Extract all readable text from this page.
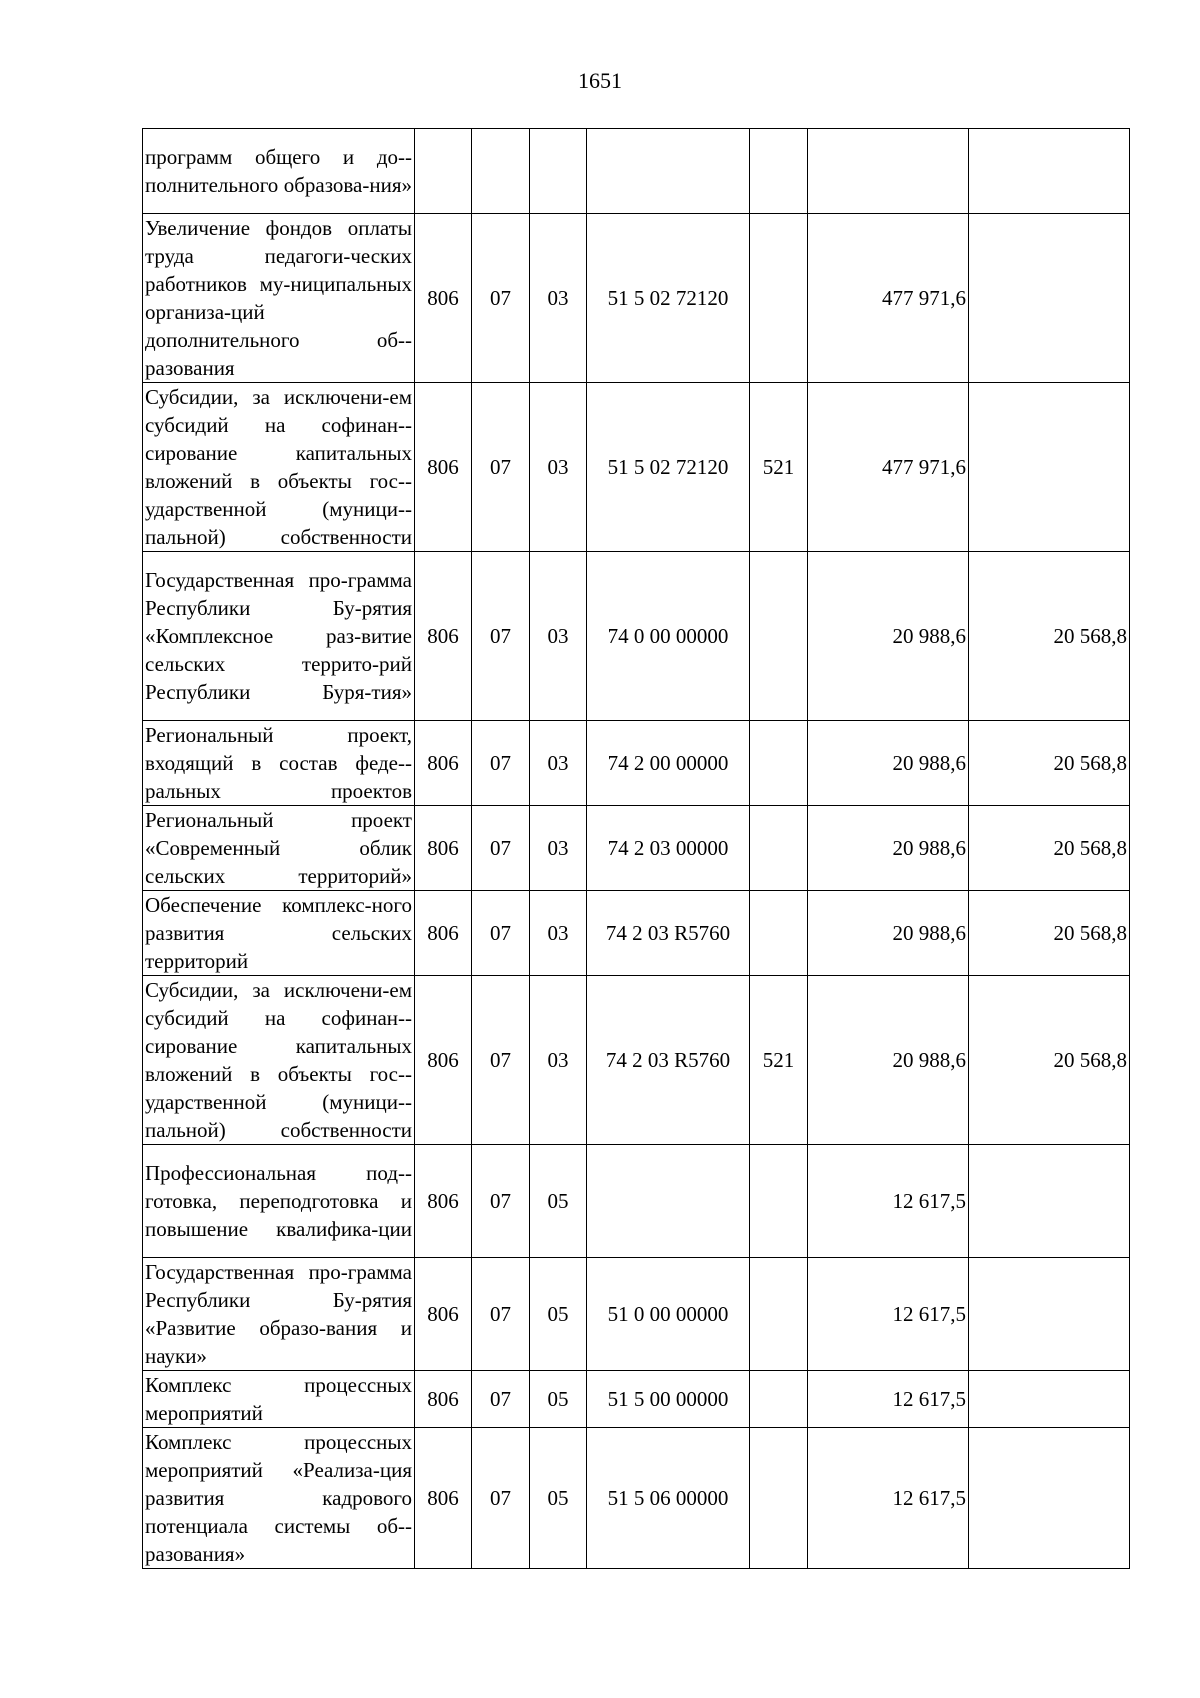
1651
программ общего и до-полнительного образова-ния»							
Увеличение фондов оплаты труда педагоги-ческих работников му-ниципальных организа-ций дополнительного об-разования	806	07	03	51 5 02 72120		477 971,6	
Субсидии, за исключени-ем субсидий на софинан-сирование капитальных вложений в объекты гос-ударственной (муници-пальной) собственности	806	07	03	51 5 02 72120	521	477 971,6	
Государственная про-грамма Республики Бу-рятия «Комплексное раз-витие сельских террито-рий Республики Буря-тия»	806	07	03	74 0 00 00000		20 988,6	20 568,8
Региональный проект, входящий в состав феде-ральных проектов	806	07	03	74 2 00 00000		20 988,6	20 568,8
Региональный проект «Современный облик сельских территорий»	806	07	03	74 2 03 00000		20 988,6	20 568,8
Обеспечение комплекс-ного развития сельских территорий	806	07	03	74 2 03 R5760		20 988,6	20 568,8
Субсидии, за исключени-ем субсидий на софинан-сирование капитальных вложений в объекты гос-ударственной (муници-пальной) собственности	806	07	03	74 2 03 R5760	521	20 988,6	20 568,8
Профессиональная под-готовка, переподготовка и повышение квалифика-ции	806	07	05			12 617,5	
Государственная про-грамма Республики Бу-рятия «Развитие образо-вания и науки»	806	07	05	51 0 00 00000		12 617,5	
Комплекс процессных мероприятий	806	07	05	51 5 00 00000		12 617,5	
Комплекс процессных мероприятий «Реализа-ция развития кадрового потенциала системы об-разования»	806	07	05	51 5 06 00000		12 617,5	
